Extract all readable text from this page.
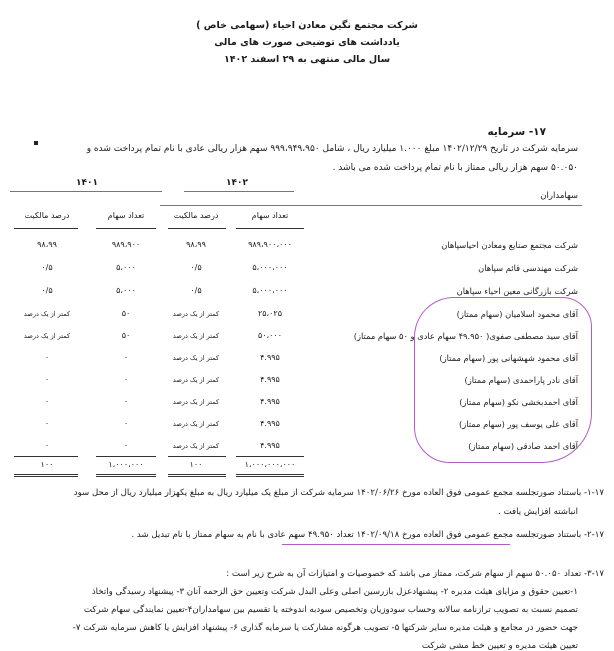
شرکت مجتمع نگین معادن احیاء (سهامی خاص )
یادداشت های توضیحی صورت های مالی
سال مالی منتهی به ۲۹ اسفند ۱۴۰۲
۱۷- سرمایه
سرمایه شرکت در تاریخ ۱۴۰۲/۱۲/۲۹ مبلغ ۱.۰۰۰ میلیارد ریال ، شامل ۹۹۹،۹۴۹،۹۵۰ سهم هزار ریالی عادی با نام تمام پرداخت شده و
۵۰.۰۵۰ سهم هزار ریالی ممتاز با نام تمام پرداخت شده می باشد .
۱۴۰۲
۱۴۰۱
سهامداران
تعداد سهام
درصد مالکیت
تعداد سهام
درصد مالکیت
شرکت مجتمع صنایع ومعادن احیاسپاهان
۹۸۹،۹۰۰،۰۰۰
۹۸،۹۹
۹۸۹،۹۰۰
۹۸،۹۹
شرکت مهندسی قائم سپاهان
۵،۰۰۰،۰۰۰
۰/۵
۵،۰۰۰
۰/۵
شرکت بازرگانی معین احیاء سپاهان
۵،۰۰۰،۰۰۰
۰/۵
۵،۰۰۰
۰/۵
آقای محمود اسلامیان (سهام ممتاز)
۲۵،۰۲۵
کمتر از یک درصد
۵۰
کمتر از یک درصد
آقای سید مصطفی صفوی( ۴۹.۹۵۰ سهام عادی و ۵۰ سهام ممتاز)
۵۰،۰۰۰
کمتر از یک درصد
۵۰
کمتر از یک درصد
آقای محمود شهشهانی پور (سهام ممتاز)
۴.۹۹۵
کمتر از یک درصد
۰
۰
آقای نادر پاراحمدی (سهام ممتاز)
۴.۹۹۵
کمتر از یک درصد
۰
۰
آقای احمدبخشی نکو (سهام ممتاز)
۴.۹۹۵
کمتر از یک درصد
۰
۰
آقای علی یوسف پور (سهام ممتاز)
۴.۹۹۵
کمتر از یک درصد
۰
۰
آقای احمد صادقی (سهام ممتاز)
۴.۹۹۵
کمتر از یک درصد
۰
۰
۱،۰۰۰،۰۰۰،۰۰۰
۱۰۰
۱،۰۰۰،۰۰۰
۱۰۰
۱-۱۷- باستناد صورتجلسه مجمع عمومی فوق العاده مورخ ۱۴۰۲/۰۶/۲۶ سرمایه شرکت از مبلغ یک میلیارد ریال به مبلغ یکهزار میلیارد ریال از محل سود
انباشته افزایش یافت .
۲-۱۷- باستناد صورتجلسه مجمع عمومی فوق العاده مورخ ۱۴۰۲/۰۹/۱۸ تعداد ۴۹.۹۵۰ سهم عادی با نام به سهام ممتاز با نام تبدیل شد .
۳-۱۷- تعداد ۵۰.۰۵۰ سهم از سهام شرکت، ممتاز می باشد که خصوصیات و امتیازات آن به شرح زیر است :
۱-تعیین حقوق و مزایای هیئت مدیره ۲- پیشنهادعزل بازرسین اصلی وعلی البدل شرکت وتعیین حق الزحمه آنان ۳- پیشنهاد رسیدگی واتخاذ
تصمیم نسبت به تصویب ترازنامه سالانه وحساب سودوزیان وتخصیص سودبه اندوخته یا تقسیم بین سهامداران۴-تعیین نمایندگی سهام شرکت
جهت حضور در مجامع و هیئت مدیره سایر شرکتها ۵- تصویب هرگونه مشارکت یا سرمایه گذاری ۶- پیشنهاد افزایش یا کاهش سرمایه شرکت ۷-
تعیین هیئت مدیره و تعیین خط مشی شرکت
